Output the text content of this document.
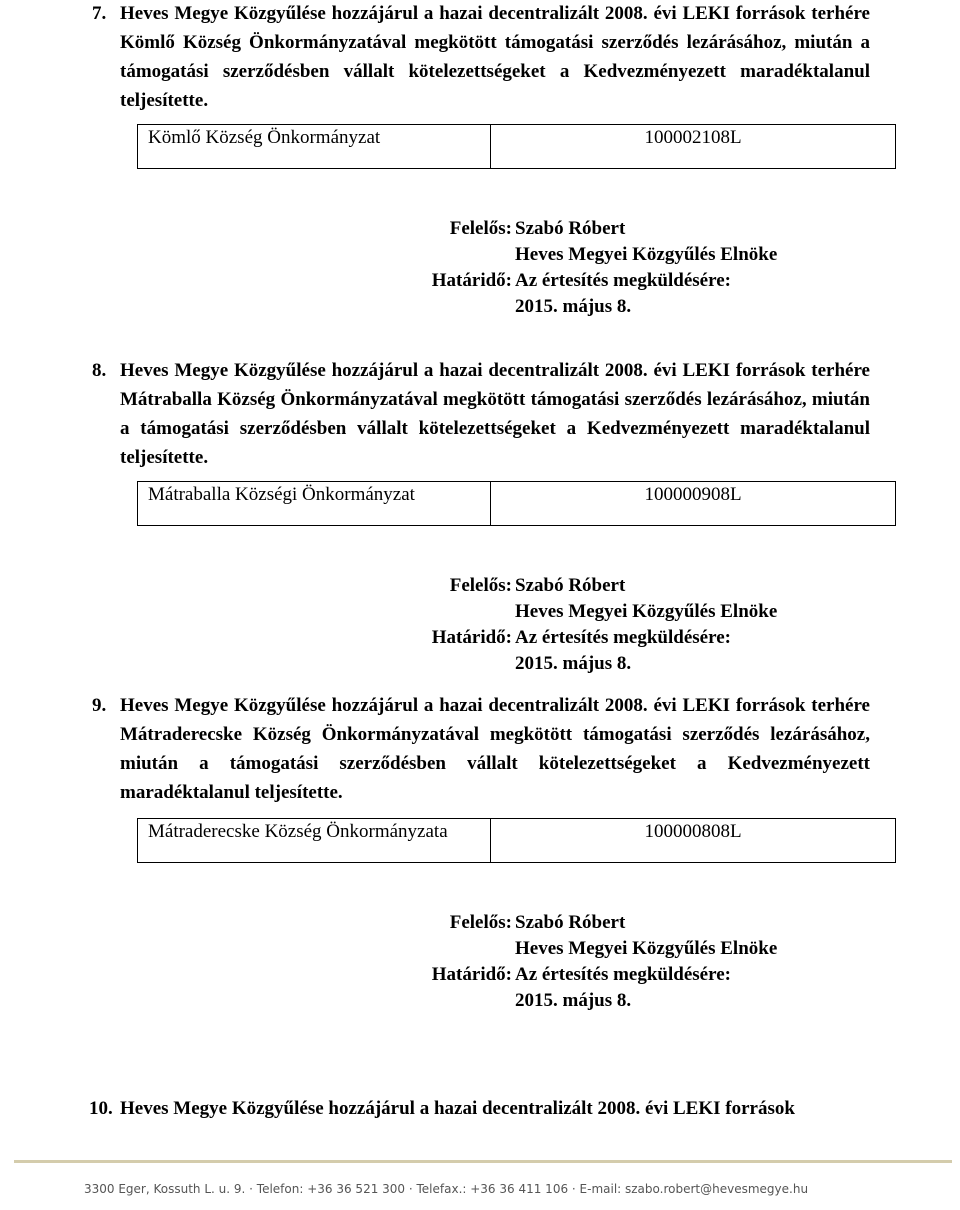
7. Heves Megye Közgyűlése hozzájárul a hazai decentralizált 2008. évi LEKI források terhére Kömlő Község Önkormányzatával megkötött támogatási szerződés lezárásához, miután a támogatási szerződésben vállalt kötelezettségeket a Kedvezményezett maradéktalanul teljesítette.

Kömlő Község Önkormányzat	100002108L
Felelős: Szabó Róbert
Heves Megyei Közgyűlés Elnöke
Határidő: Az értesítés megküldésére:
2015. május 8.
8. Heves Megye Közgyűlése hozzájárul a hazai decentralizált 2008. évi LEKI források terhére Mátraballa Község Önkormányzatával megkötött támogatási szerződés lezárásához, miután a támogatási szerződésben vállalt kötelezettségeket a Kedvezményezett maradéktalanul teljesítette.

Mátraballa Községi Önkormányzat	100000908L
Felelős: Szabó Róbert
Heves Megyei Közgyűlés Elnöke
Határidő: Az értesítés megküldésére:
2015. május 8.
9. Heves Megye Közgyűlése hozzájárul a hazai decentralizált 2008. évi LEKI források terhére Mátraderecske Község Önkormányzatával megkötött támogatási szerződés lezárásához, miután a támogatási szerződésben vállalt kötelezettségeket a Kedvezményezett maradéktalanul teljesítette.

Mátraderecske Község Önkormányzata	100000808L
Felelős: Szabó Róbert
Heves Megyei Közgyűlés Elnöke
Határidő: Az értesítés megküldésére:
2015. május 8.
10. Heves Megye Közgyűlése hozzájárul a hazai decentralizált 2008. évi LEKI források

3300 Eger, Kossuth L. u. 9. · Telefon: +36 36 521 300 · Telefax.: +36 36 411 106 · E-mail: szabo.robert@hevesmegye.hu
